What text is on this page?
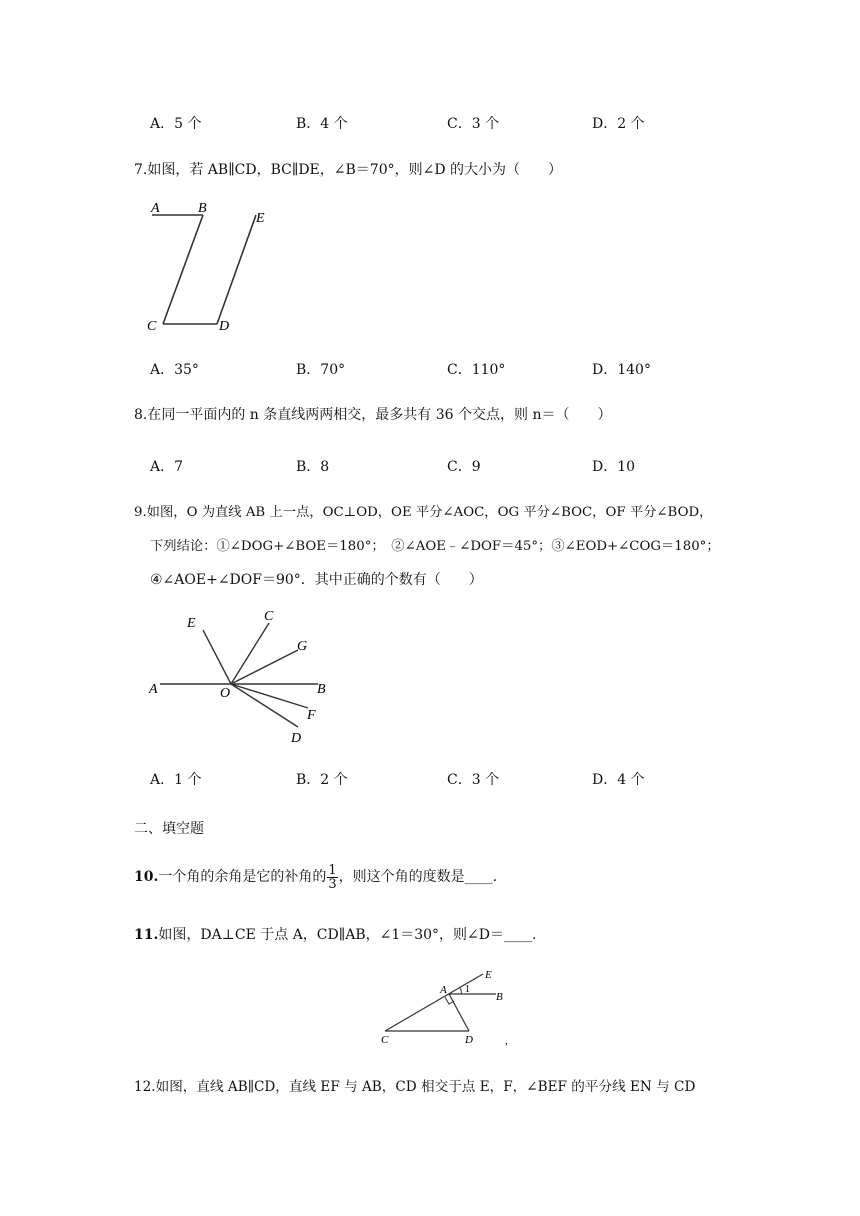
A．5 个	B．4 个	C．3 个	D．2 个
7.如图，若 AB∥CD，BC∥DE，∠B＝70°，则∠D 的大小为（　　）
A	B
E
C	D
A．35°	B．70°	C．110°	D．140°
8.在同一平面内的 n 条直线两两相交，最多共有 36 个交点，则 n＝（　　）
A．7	B．8	C．9	D．10
9.如图，O 为直线 AB 上一点，OC⊥OD，OE 平分∠AOC，OG 平分∠BOC，OF 平分∠BOD，
下列结论：①∠DOG+∠BOE＝180°；　②∠AOE﹣∠DOF＝45°；③∠EOD+∠COG＝180°；
④∠AOE+∠DOF＝90°．其中正确的个数有（　　）
E	C
G
A	O	B
F
D
A．1 个	B．2 个	C．3 个	D．4 个
二、填空题
10.一个角的余角是它的补角的 $\frac{1}{3}$ ，则这个角的度数是____.
11.如图，DA⊥CE 于点 A，CD∥AB，∠1＝30°，则∠D＝____.
A
E
B
1
C	D	,
12.如图，直线 AB∥CD，直线 EF 与 AB，CD 相交于点 E，F，∠BEF 的平分线 EN 与 CD
